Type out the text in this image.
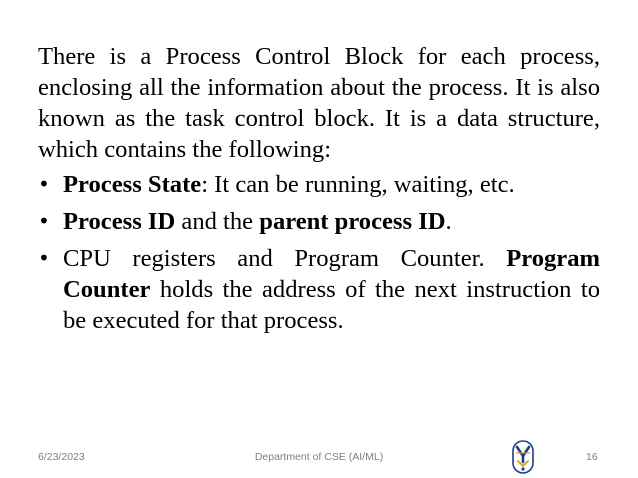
There is a Process Control Block for each process, enclosing all the information about the process. It is also known as the task control block. It is a data structure, which contains the following:

• Process State: It can be running, waiting, etc.
• Process ID and the parent process ID.
• CPU registers and Program Counter. Program Counter holds the address of the next instruction to be executed for that process.
6/23/2023	Department of CSE (AI/ML)	16
